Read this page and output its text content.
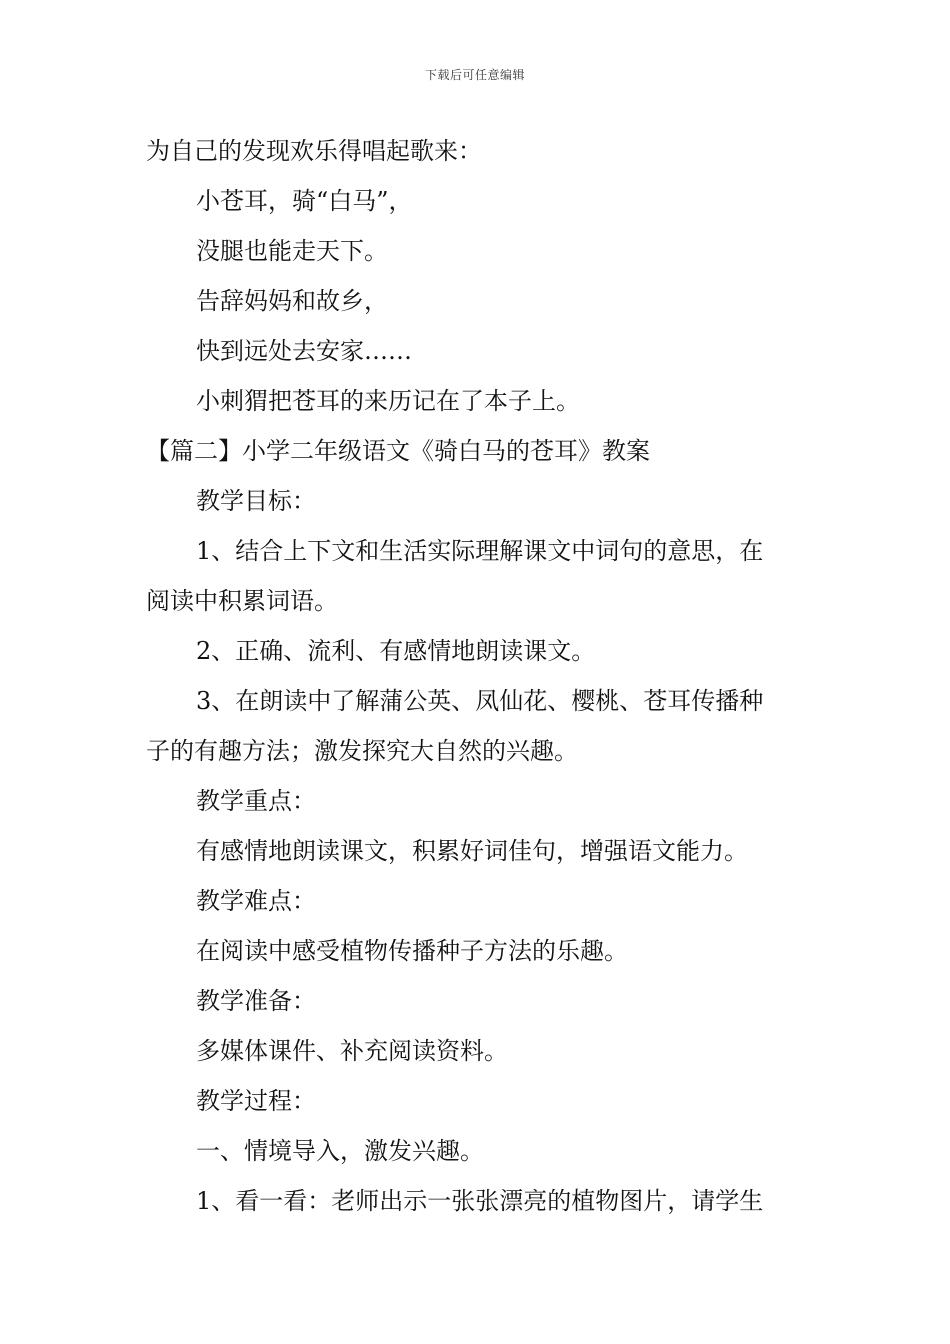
下载后可任意编辑
为自己的发现欢乐得唱起歌来：
小苍耳，骑“白马”，
没腿也能走天下。
告辞妈妈和故乡，
快到远处去安家……
小刺猬把苍耳的来历记在了本子上。
【篇二】小学二年级语文《骑白马的苍耳》教案
教学目标：
1、结合上下文和生活实际理解课文中词句的意思，在
阅读中积累词语。
2、正确、流利、有感情地朗读课文。
3、在朗读中了解蒲公英、凤仙花、樱桃、苍耳传播种
子的有趣方法；激发探究大自然的兴趣。
教学重点：
有感情地朗读课文，积累好词佳句，增强语文能力。
教学难点：
在阅读中感受植物传播种子方法的乐趣。
教学准备：
多媒体课件、补充阅读资料。
教学过程：
一、情境导入，激发兴趣。
1、看一看：老师出示一张张漂亮的植物图片，请学生
